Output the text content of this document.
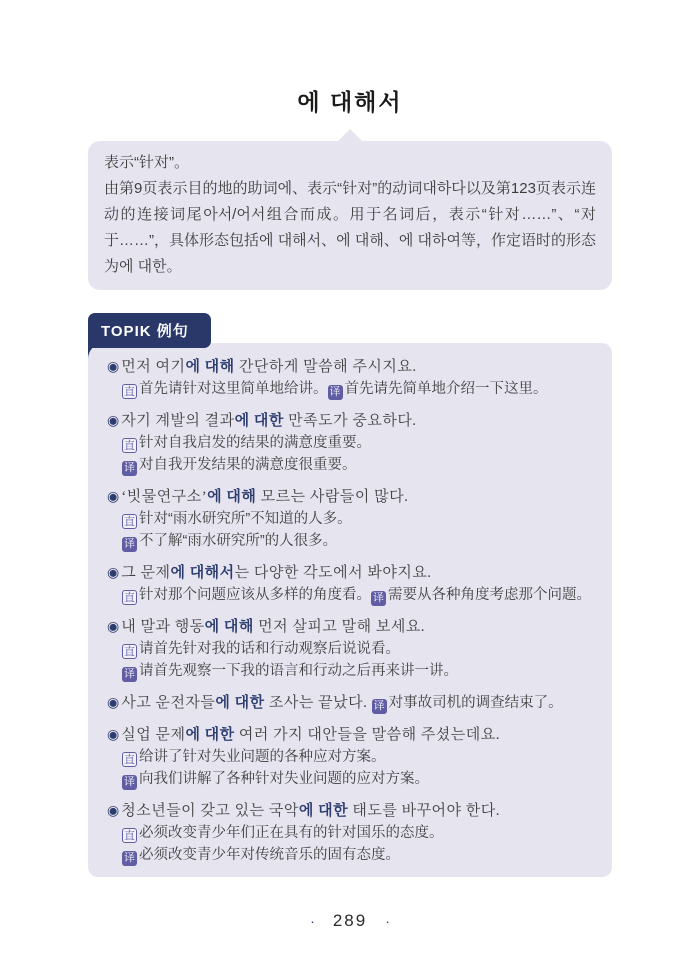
에 대해서

表示“针对”。

由第9页表示目的地的助词에、表示“针对”的动词대하다以及第123页表示连动的连接词尾아서/어서组合而成。用于名词后，表示“针对……”、“对于……”，具体形态包括에 대해서、에 대해、에 대하여等，作定语时的形态为에 대한。

TOPIK 例句
◉ 먼저 여기에 대해 간단하게 말씀해 주시지요.
直 首先请针对这里简单地给讲。 译 首先请先简单地介绍一下这里。
◉ 자기 계발의 결과에 대한 만족도가 중요하다.
直 针对自我启发的结果的满意度重要。
译 对自我开发结果的满意度很重要。
◉ ‘빗물연구소’에 대해 모르는 사람들이 많다.
直 针对“雨水研究所”不知道的人多。
译 不了解“雨水研究所”的人很多。
◉ 그 문제에 대해서는 다양한 각도에서 봐야지요.
直 针对那个问题应该从多样的角度看。 译 需要从各种角度考虑那个问题。
◉ 내 말과 행동에 대해 먼저 살피고 말해 보세요.
直 请首先针对我的话和行动观察后说说看。
译 请首先观察一下我的语言和行动之后再来讲一讲。
◉ 사고 운전자들에 대한 조사는 끝났다. 译 对事故司机的调查结束了。
◉ 실업 문제에 대한 여러 가지 대안들을 말씀해 주셨는데요.
直 给讲了针对失业问题的各种应对方案。
译 向我们讲解了各种针对失业问题的应对方案。
◉ 청소년들이 갖고 있는 국악에 대한 태도를 바꾸어야 한다.
直 必须改变青少年们正在具有的针对国乐的态度。
译 必须改变青少年对传统音乐的固有态度。
· 289 ·
